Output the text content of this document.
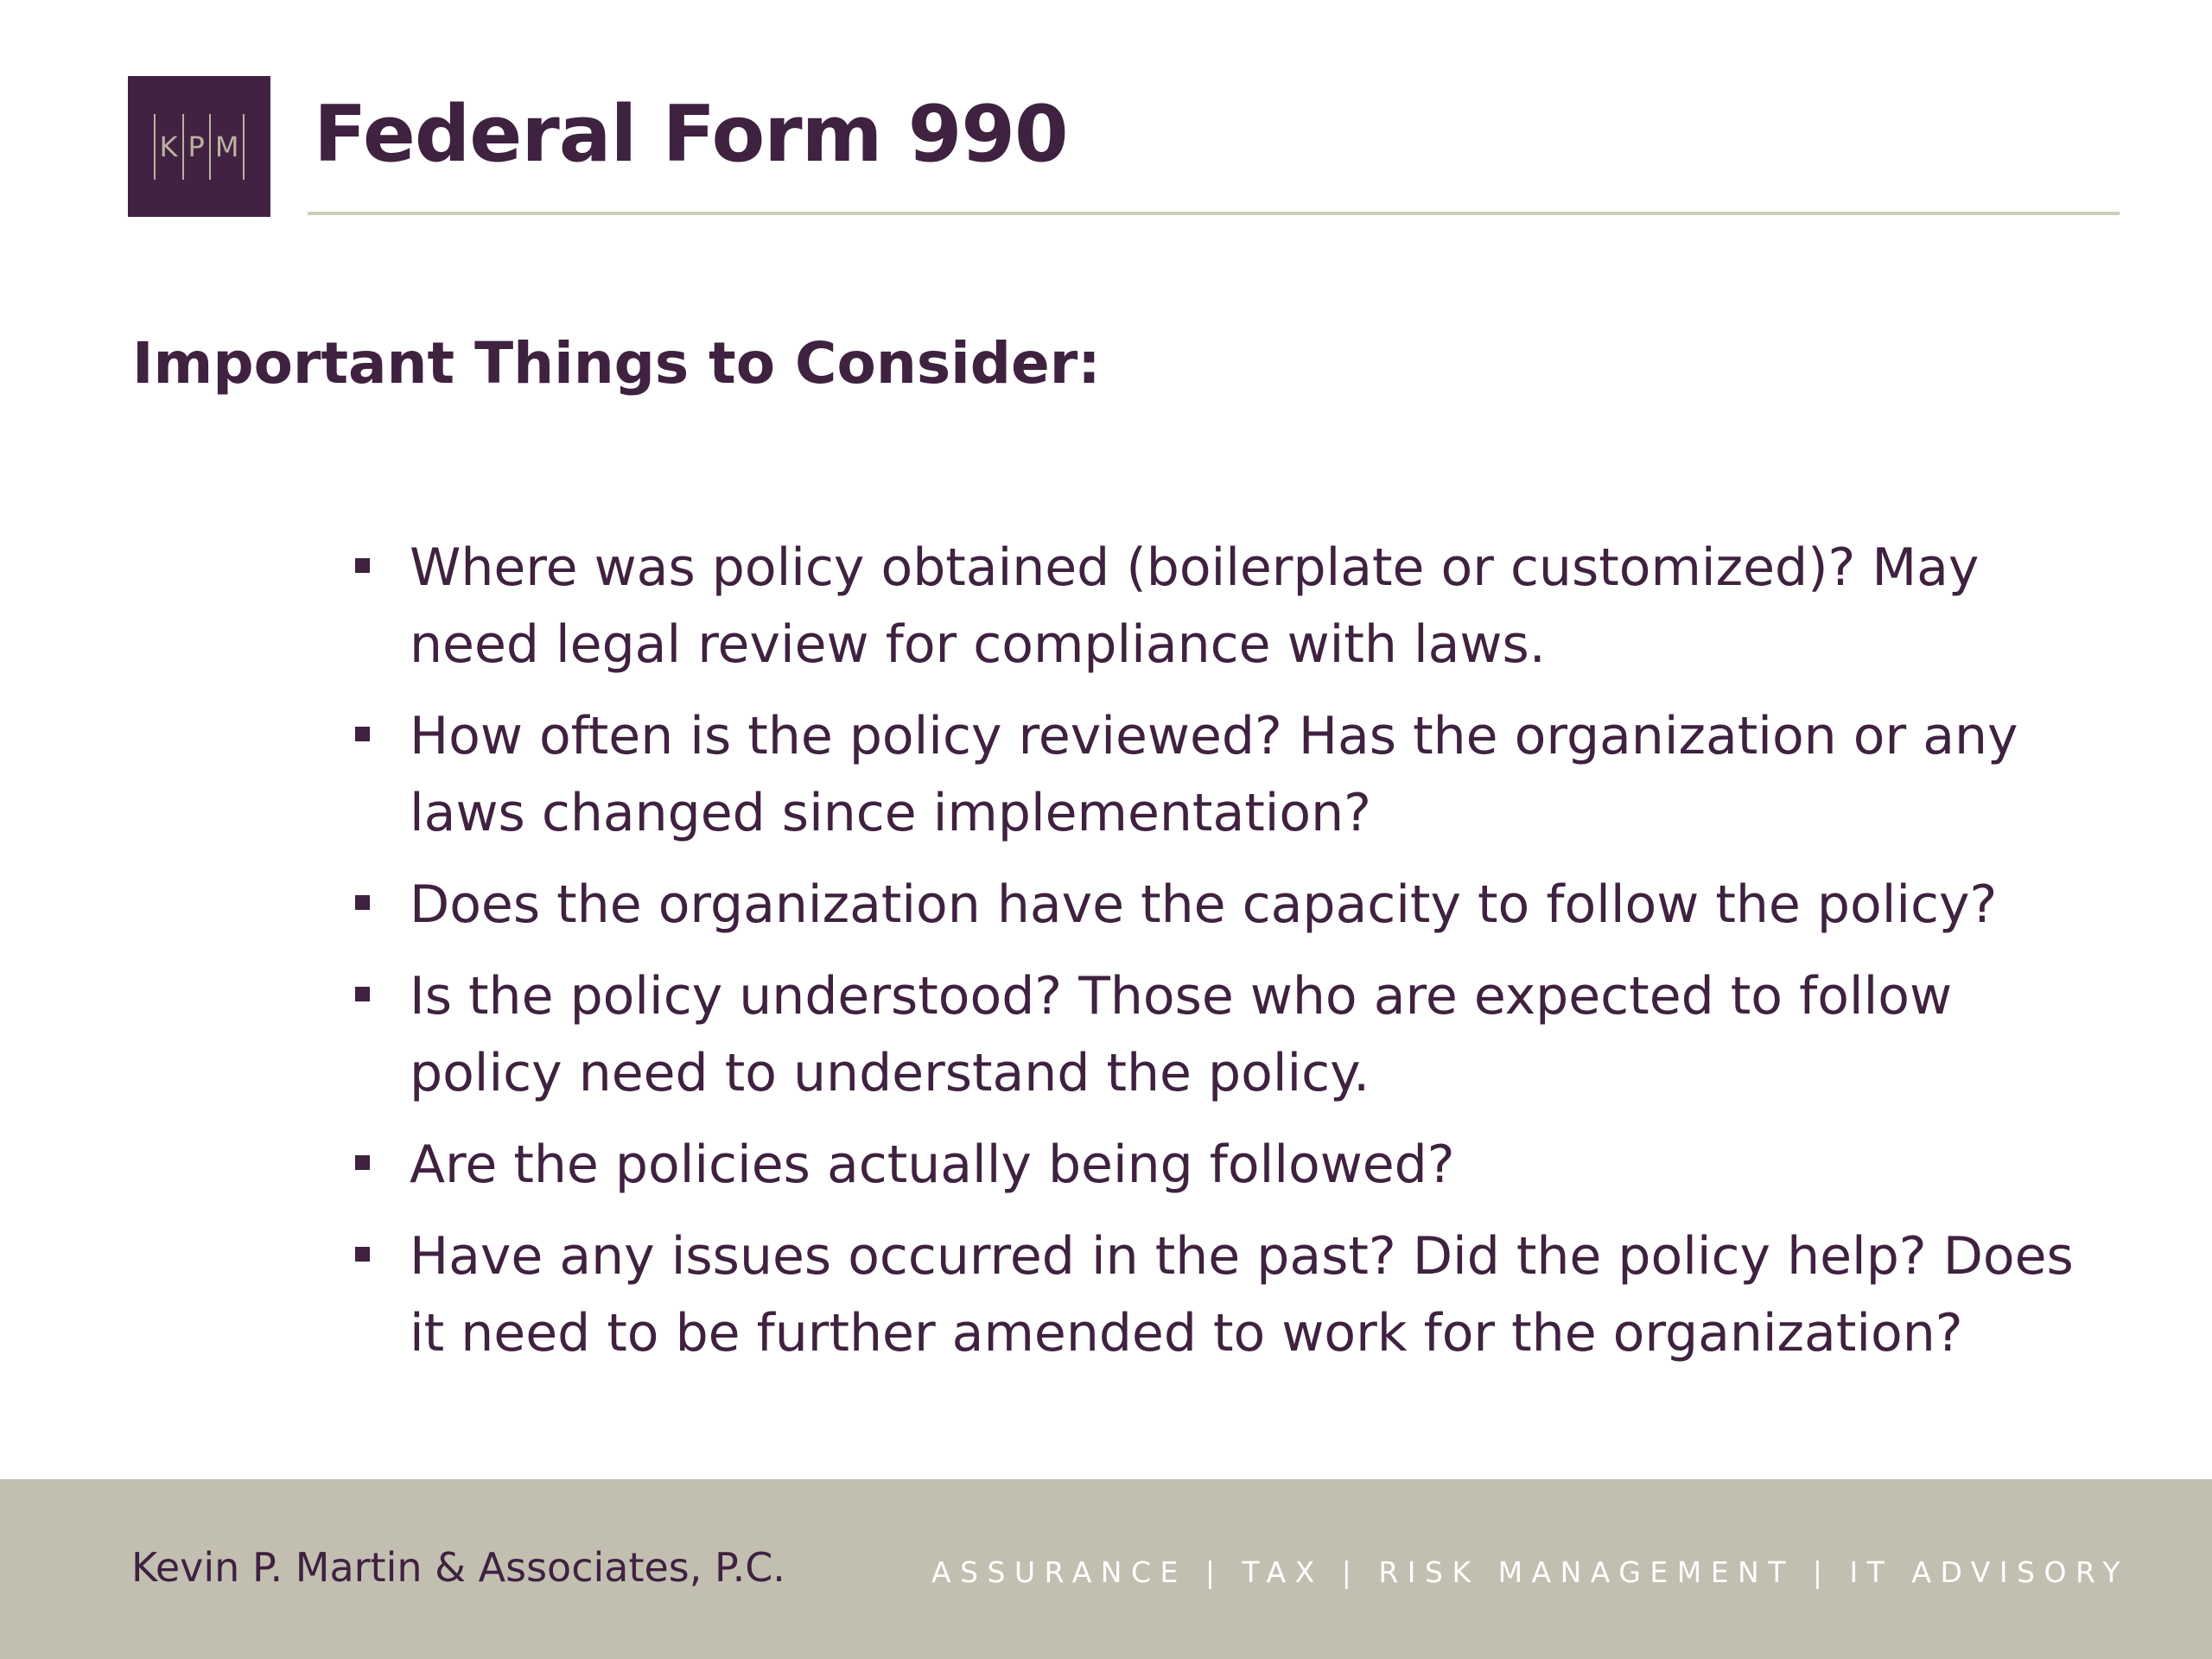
K P M Federal Form 990
Important Things to Consider:
Where was policy obtained (boilerplate or customized)? May need legal review for compliance with laws.
How often is the policy reviewed? Has the organization or any laws changed since implementation?
Does the organization have the capacity to follow the policy?
Is the policy understood? Those who are expected to follow policy need to understand the policy.
Are the policies actually being followed?
Have any issues occurred in the past? Did the policy help? Does it need to be further amended to work for the organization?
Kevin P. Martin & Associates, P.C.	ASSURANCE | TAX | RISK MANAGEMENT | IT ADVISORY
